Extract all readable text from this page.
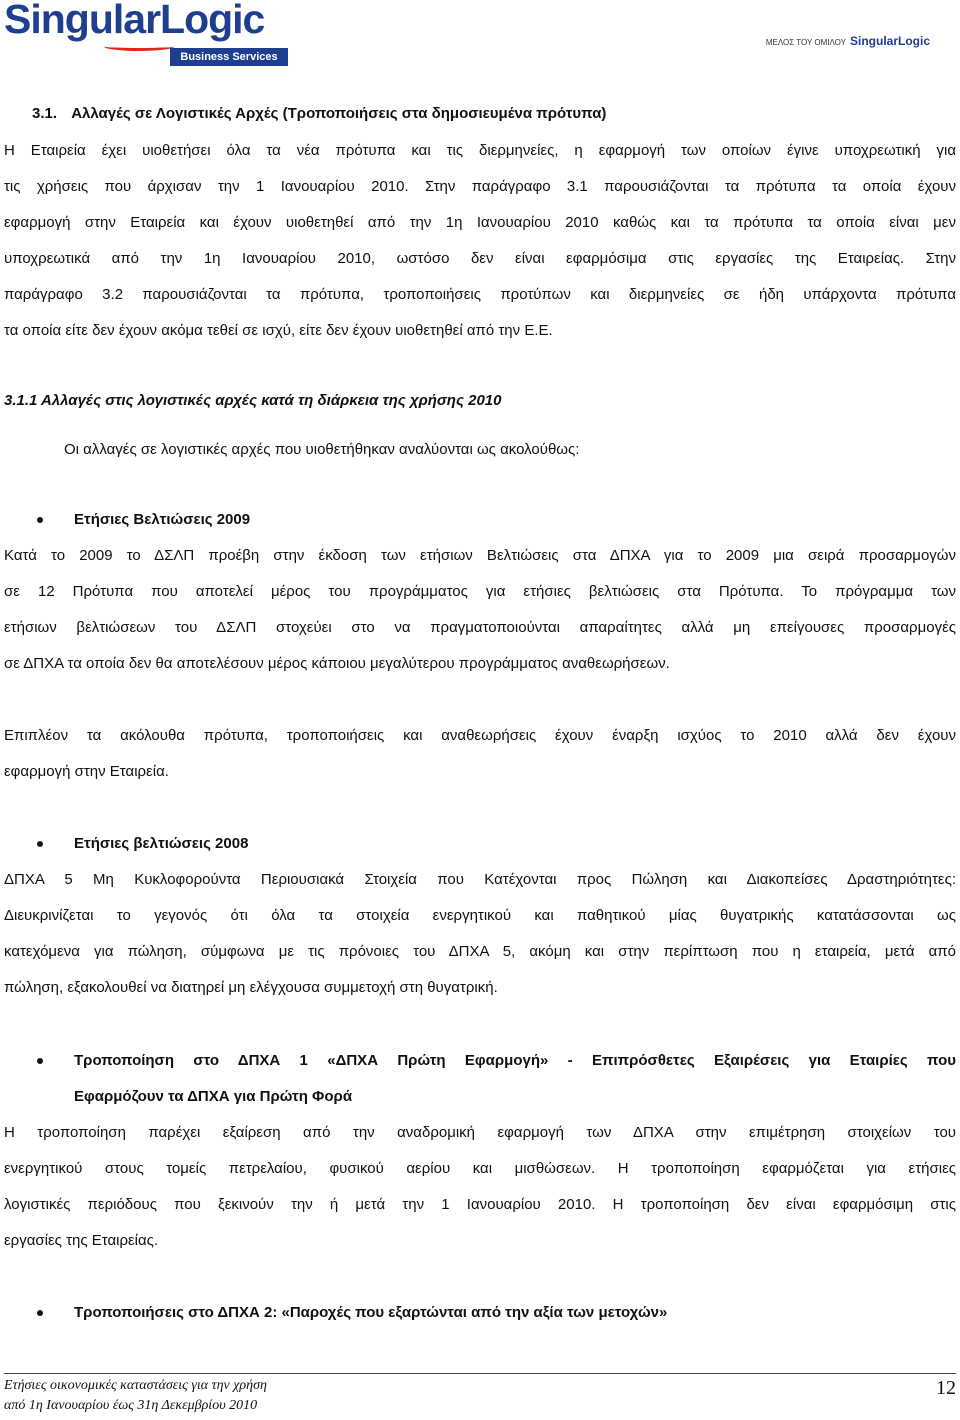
SingularLogic
Business Services
ΜΕΛΟΣ ΤΟΥ ΟΜΙΛΟΥ SingularLogic
3.1. Αλλαγές σε Λογιστικές Αρχές (Τροποποιήσεις στα δημοσιευμένα πρότυπα)
Η Εταιρεία έχει υιοθετήσει όλα τα νέα πρότυπα και τις διερμηνείες, η εφαρμογή των οποίων έγινε υποχρεωτική για
τις χρήσεις που άρχισαν την 1 Ιανουαρίου 2010. Στην παράγραφο 3.1 παρουσιάζονται τα πρότυπα τα οποία έχουν
εφαρμογή στην Εταιρεία και έχουν υιοθετηθεί από την 1η Ιανουαρίου 2010 καθώς και τα πρότυπα τα οποία είναι μεν
υποχρεωτικά από την 1η Ιανουαρίου 2010, ωστόσο δεν είναι εφαρμόσιμα στις εργασίες της Εταιρείας. Στην
παράγραφο 3.2 παρουσιάζονται τα πρότυπα, τροποποιήσεις προτύπων και διερμηνείες σε ήδη υπάρχοντα πρότυπα
τα οποία είτε δεν έχουν ακόμα τεθεί σε ισχύ, είτε δεν έχουν υιοθετηθεί από την Ε.Ε.
3.1.1 Αλλαγές στις λογιστικές αρχές κατά τη διάρκεια της χρήσης 2010
Οι αλλαγές σε λογιστικές αρχές που υιοθετήθηκαν αναλύονται ως ακολούθως:
Ετήσιες Βελτιώσεις 2009
Κατά το 2009 το ΔΣΛΠ προέβη στην έκδοση των ετήσιων Βελτιώσεις στα ΔΠΧΑ για το 2009 μια σειρά προσαρμογών
σε 12 Πρότυπα που αποτελεί μέρος του προγράμματος για ετήσιες βελτιώσεις στα Πρότυπα. Το πρόγραμμα των
ετήσιων βελτιώσεων του ΔΣΛΠ στοχεύει στο να πραγματοποιούνται απαραίτητες αλλά μη επείγουσες προσαρμογές
σε ΔΠΧΑ τα οποία δεν θα αποτελέσουν μέρος κάποιου μεγαλύτερου προγράμματος αναθεωρήσεων.
Επιπλέον τα ακόλουθα πρότυπα, τροποποιήσεις και αναθεωρήσεις έχουν έναρξη ισχύος το 2010 αλλά δεν έχουν
εφαρμογή στην Εταιρεία.
Ετήσιες βελτιώσεις 2008
ΔΠΧΑ 5 Μη Κυκλοφορούντα Περιουσιακά Στοιχεία που Κατέχονται προς Πώληση και Διακοπείσες Δραστηριότητες:
Διευκρινίζεται το γεγονός ότι όλα τα στοιχεία ενεργητικού και παθητικού μίας θυγατρικής κατατάσσονται ως
κατεχόμενα για πώληση, σύμφωνα με τις πρόνοιες του ΔΠΧΑ 5, ακόμη και στην περίπτωση που η εταιρεία, μετά από
πώληση, εξακολουθεί να διατηρεί μη ελέγχουσα συμμετοχή στη θυγατρική.
Τροποποίηση στο ΔΠΧΑ 1 «ΔΠΧΑ Πρώτη Εφαρμογή» - Επιπρόσθετες Εξαιρέσεις για Εταιρίες που
Εφαρμόζουν τα ΔΠΧΑ για Πρώτη Φορά
Η τροποποίηση παρέχει εξαίρεση από την αναδρομική εφαρμογή των ΔΠΧΑ στην επιμέτρηση στοιχείων του
ενεργητικού στους τομείς πετρελαίου, φυσικού αερίου και μισθώσεων. Η τροποποίηση εφαρμόζεται για ετήσιες
λογιστικές περιόδους που ξεκινούν την ή μετά την 1 Ιανουαρίου 2010. Η τροποποίηση δεν είναι εφαρμόσιμη στις
εργασίες της Εταιρείας.
Τροποποιήσεις στο ΔΠΧΑ 2: «Παροχές που εξαρτώνται από την αξία των μετοχών»
Ετήσιες οικονομικές καταστάσεις για την χρήση
από 1η Ιανουαρίου έως 31η Δεκεμβρίου 2010
12
